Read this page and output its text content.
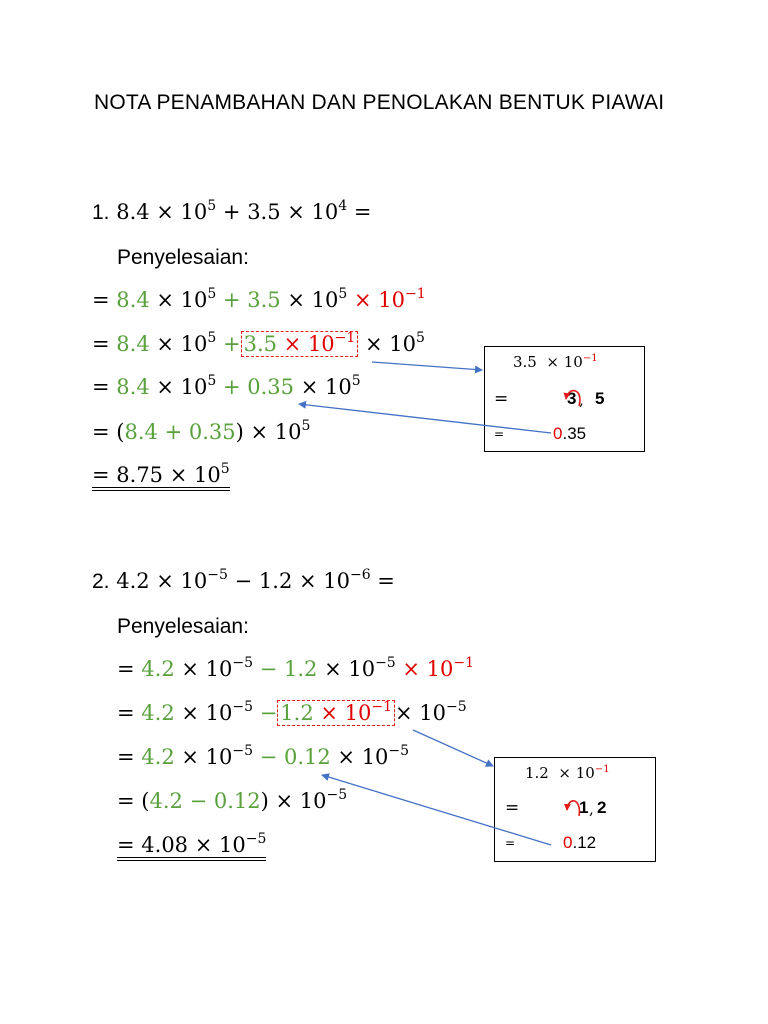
NOTA PENAMBAHAN DAN PENOLAKAN BENTUK PIAWAI
1. $8.4 \times 10^5 + 3.5 \times 10^4$ =
Penyelesaian:
= $8.4 \times 10^5 + 3.5 \times 10^5 \times 10^{-1}$
= $8.4 \times 10^5 + 3.5 \times 10^{-1} \times 10^5$
= $8.4 \times 10^5 + 0.35 \times 10^5$
= $(8.4 + 0.35) \times 10^5$
= $8.75 \times 10^5$
$3.5 \times 10^{-1}$
=	3 , 5
=	0.35
2. $4.2 \times 10^{-5} - 1.2 \times 10^{-6}$ =
Penyelesaian:
= $4.2 \times 10^{-5} - 1.2 \times 10^{-5} \times 10^{-1}$
= $4.2 \times 10^{-5} - 1.2 \times 10^{-1} \times 10^{-5}$
= $4.2 \times 10^{-5} - 0.12 \times 10^{-5}$
= $(4.2 - 0.12) \times 10^{-5}$
= $4.08 \times 10^{-5}$
$1.2 \times 10^{-1}$
=	1 , 2
=	0.12
